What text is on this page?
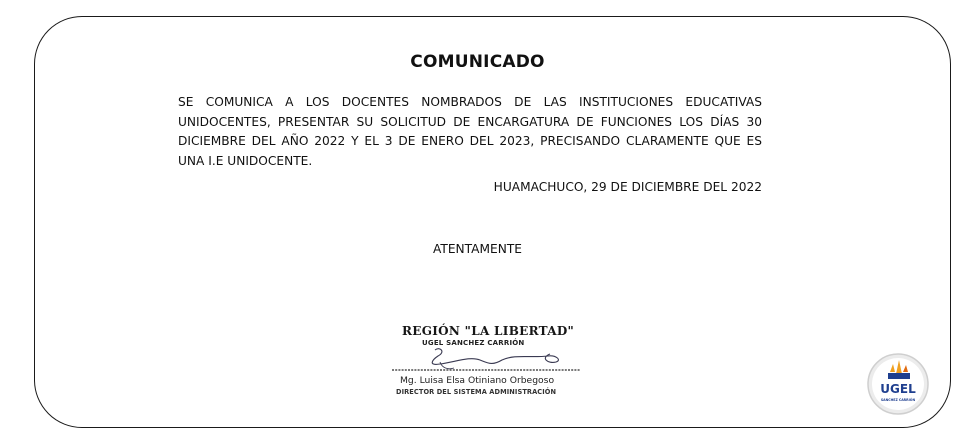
COMUNICADO
SE COMUNICA A LOS DOCENTES NOMBRADOS DE LAS INSTITUCIONES EDUCATIVAS UNIDOCENTES, PRESENTAR SU SOLICITUD DE ENCARGATURA DE FUNCIONES LOS DÍAS 30 DICIEMBRE DEL AÑO 2022 Y EL 3 DE ENERO DEL 2023, PRECISANDO CLARAMENTE QUE ES UNA I.E UNIDOCENTE.
HUAMACHUCO, 29 DE DICIEMBRE DEL 2022
ATENTAMENTE
REGIÓN "LA LIBERTAD"
UGEL SANCHEZ CARRIÓN
Mg. Luisa Elsa Otiniano Orbegoso
DIRECTOR DEL SISTEMA ADMINISTRACIÓN	UGEL
SANCHEZ CARRIÓN
